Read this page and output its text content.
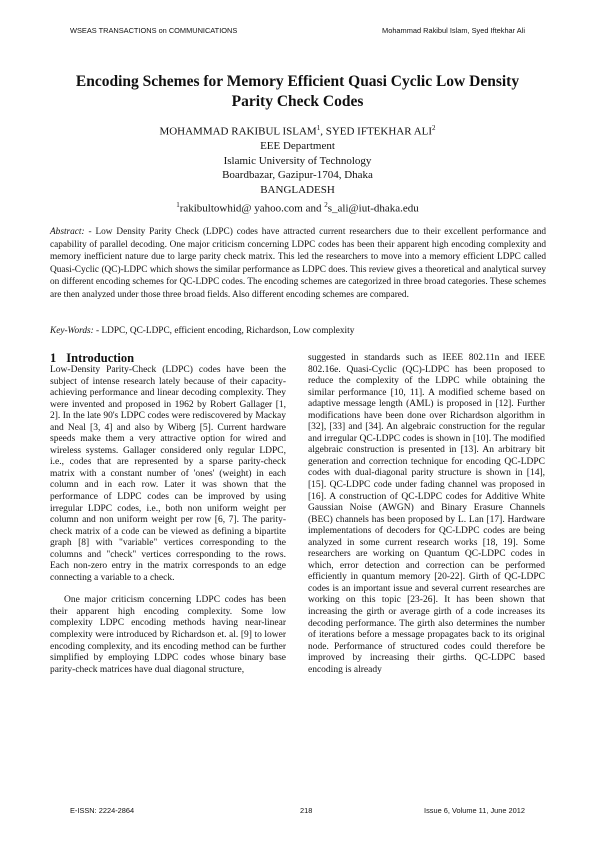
WSEAS TRANSACTIONS on COMMUNICATIONS	Mohammad Rakibul Islam, Syed Iftekhar Ali
Encoding Schemes for Memory Efficient Quasi Cyclic Low Density
Parity Check Codes
MOHAMMAD RAKIBUL ISLAM$^1$, SYED IFTEKHAR ALI$^2$
EEE Department
Islamic University of Technology
Boardbazar, Gazipur-1704, Dhaka
BANGLADESH
$^1$rakibultowhid@ yahoo.com and $^2$s_ali@iut-dhaka.edu
Abstract: - Low Density Parity Check (LDPC) codes have attracted current researchers due to their excellent performance and capability of parallel decoding. One major criticism concerning LDPC codes has been their apparent high encoding complexity and memory inefficient nature due to large parity check matrix. This led the researchers to move into a memory efficient LDPC called Quasi-Cyclic (QC)-LDPC which shows the similar performance as LDPC does. This review gives a theoretical and analytical survey on different encoding schemes for QC-LDPC codes. The encoding schemes are categorized in three broad categories. These schemes are then analyzed under those three broad fields. Also different encoding schemes are compared.
Key-Words: - LDPC, QC-LDPC, efficient encoding, Richardson, Low complexity
1 Introduction

Low-Density Parity-Check (LDPC) codes have been the subject of intense research lately because of their capacity-achieving performance and linear decoding complexity. They were invented and proposed in 1962 by Robert Gallager [1, 2]. In the late 90's LDPC codes were rediscovered by Mackay and Neal [3, 4] and also by Wiberg [5]. Current hardware speeds make them a very attractive option for wired and wireless systems. Gallager considered only regular LDPC, i.e., codes that are represented by a sparse parity-check matrix with a constant number of 'ones' (weight) in each column and in each row. Later it was shown that the performance of LDPC codes can be improved by using irregular LDPC codes, i.e., both non uniform weight per column and non uniform weight per row [6, 7]. The parity-check matrix of a code can be viewed as defining a bipartite graph [8] with "variable" vertices corresponding to the columns and "check" vertices corresponding to the rows. Each non-zero entry in the matrix corresponds to an edge connecting a variable to a check.

One major criticism concerning LDPC codes has been their apparent high encoding complexity. Some low complexity LDPC encoding methods having near-linear complexity were introduced by Richardson et. al. [9] to lower encoding complexity, and its encoding method can be further simplified by employing LDPC codes whose binary base parity-check matrices have dual diagonal structure,

suggested in standards such as IEEE 802.11n and IEEE 802.16e. Quasi-Cyclic (QC)-LDPC has been proposed to reduce the complexity of the LDPC while obtaining the similar performance [10, 11]. A modified scheme based on adaptive message length (AML) is proposed in [12]. Further modifications have been done over Richardson algorithm in [32], [33] and [34]. An algebraic construction for the regular and irregular QC-LDPC codes is shown in [10]. The modified algebraic construction is presented in [13]. An arbitrary bit generation and correction technique for encoding QC-LDPC codes with dual-diagonal parity structure is shown in [14], [15]. QC-LDPC code under fading channel was proposed in [16]. A construction of QC-LDPC codes for Additive White Gaussian Noise (AWGN) and Binary Erasure Channels (BEC) channels has been proposed by L. Lan [17]. Hardware implementations of decoders for QC-LDPC codes are being analyzed in some current research works [18, 19]. Some researchers are working on Quantum QC-LDPC codes in which, error detection and correction can be performed efficiently in quantum memory [20-22]. Girth of QC-LDPC codes is an important issue and several current researches are working on this topic [23-26]. It has been shown that increasing the girth or average girth of a code increases its decoding performance. The girth also determines the number of iterations before a message propagates back to its original node. Performance of structured codes could therefore be improved by increasing their girths. QC-LDPC based encoding is already

E-ISSN: 2224-2864	218	Issue 6, Volume 11, June 2012
